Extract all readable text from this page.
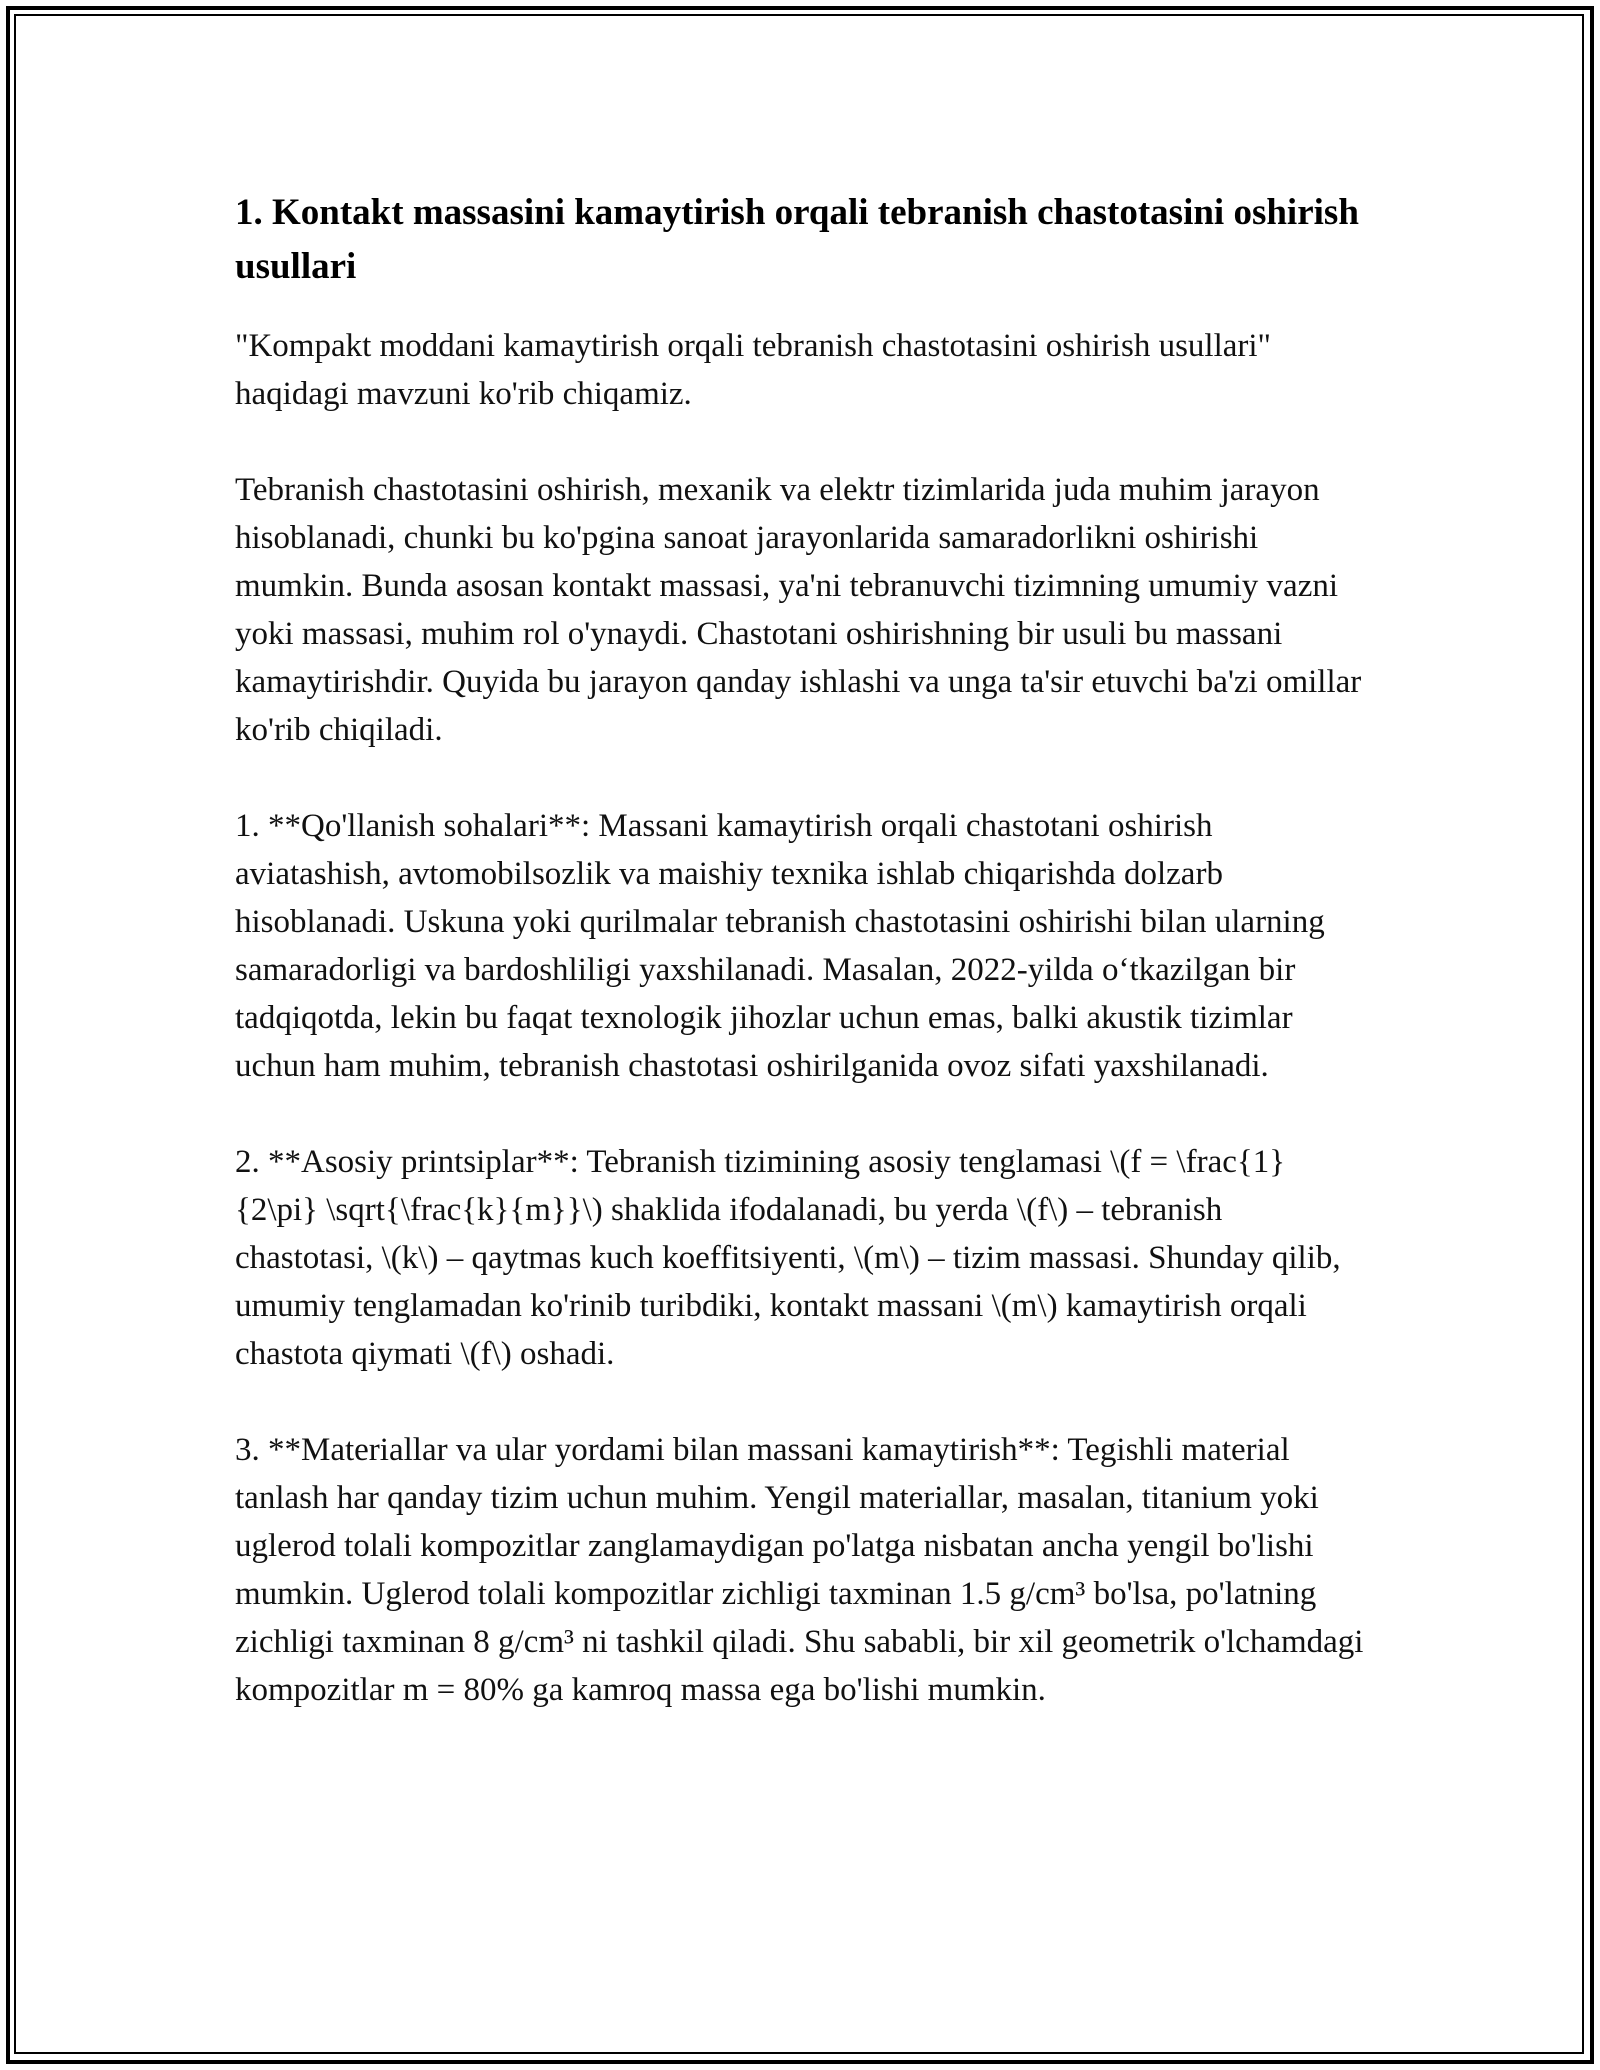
1. Kontakt massasini kamaytirish orqali tebranish chastotasini oshirish usullari

"Kompakt moddani kamaytirish orqali tebranish chastotasini oshirish usullari" haqidagi mavzuni ko'rib chiqamiz.

Tebranish chastotasini oshirish, mexanik va elektr tizimlarida juda muhim jarayon hisoblanadi, chunki bu ko'pgina sanoat jarayonlarida samaradorlikni oshirishi mumkin. Bunda asosan kontakt massasi, ya'ni tebranuvchi tizimning umumiy vazni yoki massasi, muhim rol o'ynaydi. Chastotani oshirishning bir usuli bu massani kamaytirishdir. Quyida bu jarayon qanday ishlashi va unga ta'sir etuvchi ba'zi omillar ko'rib chiqiladi.

1. **Qo'llanish sohalari**: Massani kamaytirish orqali chastotani oshirish aviatashish, avtomobilsozlik va maishiy texnika ishlab chiqarishda dolzarb hisoblanadi. Uskuna yoki qurilmalar tebranish chastotasini oshirishi bilan ularning samaradorligi va bardoshliligi yaxshilanadi. Masalan, 2022-yilda o‘tkazilgan bir tadqiqotda, lekin bu faqat texnologik jihozlar uchun emas, balki akustik tizimlar uchun ham muhim, tebranish chastotasi oshirilganida ovoz sifati yaxshilanadi.

2. **Asosiy printsiplar**: Tebranish tizimining asosiy tenglamasi \(f = \frac{1}{2\pi} \sqrt{\frac{k}{m}}\) shaklida ifodalanadi, bu yerda \(f\) – tebranish chastotasi, \(k\) – qaytmas kuch koeffitsiyenti, \(m\) – tizim massasi. Shunday qilib, umumiy tenglamadan ko'rinib turibdiki, kontakt massani \(m\) kamaytirish orqali chastota qiymati \(f\) oshadi.

3. **Materiallar va ular yordami bilan massani kamaytirish**: Tegishli material tanlash har qanday tizim uchun muhim. Yengil materiallar, masalan, titanium yoki uglerod tolali kompozitlar zanglamaydigan po'latga nisbatan ancha yengil bo'lishi mumkin. Uglerod tolali kompozitlar zichligi taxminan 1.5 g/cm³ bo'lsa, po'latning zichligi taxminan 8 g/cm³ ni tashkil qiladi. Shu sababli, bir xil geometrik o'lchamdagi kompozitlar m = 80% ga kamroq massa ega bo'lishi mumkin.
